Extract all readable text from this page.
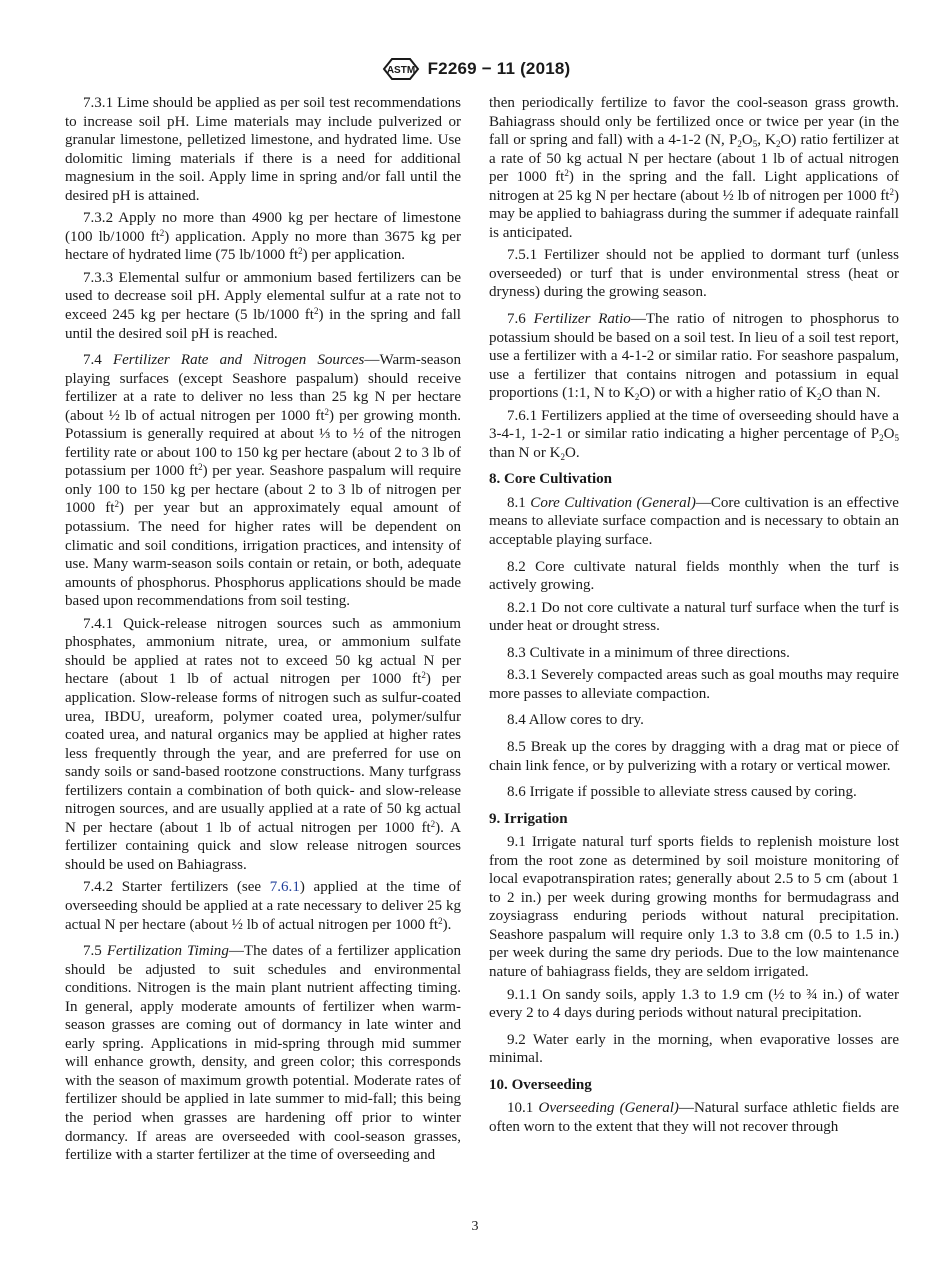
ASTM F2269 − 11 (2018)

7.3.1 Lime should be applied as per soil test recommendations to increase soil pH. Lime materials may include pulverized or granular limestone, pelletized limestone, and hydrated lime. Use dolomitic liming materials if there is a need for additional magnesium in the soil. Apply lime in spring and/or fall until the desired pH is attained.

7.3.2 Apply no more than 4900 kg per hectare of limestone (100 lb/1000 $ft^2$) application. Apply no more than 3675 kg per hectare of hydrated lime (75 lb/1000 $ft^2$) per application.

7.3.3 Elemental sulfur or ammonium based fertilizers can be used to decrease soil pH. Apply elemental sulfur at a rate not to exceed 245 kg per hectare (5 lb/1000 $ft^2$) in the spring and fall until the desired soil pH is reached.

7.4 Fertilizer Rate and Nitrogen Sources—Warm-season playing surfaces (except Seashore paspalum) should receive fertilizer at a rate to deliver no less than 25 kg N per hectare (about ½ lb of actual nitrogen per 1000 $ft^2$) per growing month. Potassium is generally required at about ⅓ to ½ of the nitrogen fertility rate or about 100 to 150 kg per hectare (about 2 to 3 lb of potassium per 1000 $ft^2$) per year. Seashore paspalum will require only 100 to 150 kg per hectare (about 2 to 3 lb of nitrogen per 1000 $ft^2$) per year but an approximately equal amount of potassium. The need for higher rates will be dependent on climatic and soil conditions, irrigation practices, and intensity of use. Many warm-season soils contain or retain, or both, adequate amounts of phosphorus. Phosphorus applications should be made based upon recommendations from soil testing.

7.4.1 Quick-release nitrogen sources such as ammonium phosphates, ammonium nitrate, urea, or ammonium sulfate should be applied at rates not to exceed 50 kg actual N per hectare (about 1 lb of actual nitrogen per 1000 $ft^2$) per application. Slow-release forms of nitrogen such as sulfur-coated urea, IBDU, ureaform, polymer coated urea, polymer/sulfur coated urea, and natural organics may be applied at higher rates less frequently through the year, and are preferred for use on sandy soils or sand-based rootzone constructions. Many turfgrass fertilizers contain a combination of both quick- and slow-release nitrogen sources, and are usually applied at a rate of 50 kg actual N per hectare (about 1 lb of actual nitrogen per 1000 $ft^2$). A fertilizer containing quick and slow release nitrogen sources should be used on Bahiagrass.

7.4.2 Starter fertilizers (see 7.6.1) applied at the time of overseeding should be applied at a rate necessary to deliver 25 kg actual N per hectare (about ½ lb of actual nitrogen per 1000 $ft^2$).

7.5 Fertilization Timing—The dates of a fertilizer application should be adjusted to suit schedules and environmental conditions. Nitrogen is the main plant nutrient affecting timing. In general, apply moderate amounts of fertilizer when warm-season grasses are coming out of dormancy in late winter and early spring. Applications in mid-spring through mid summer will enhance growth, density, and green color; this corresponds with the season of maximum growth potential. Moderate rates of fertilizer should be applied in late summer to mid-fall; this being the period when grasses are hardening off prior to winter dormancy. If areas are overseeded with cool-season grasses, fertilize with a starter fertilizer at the time of overseeding and

then periodically fertilize to favor the cool-season grass growth. Bahiagrass should only be fertilized once or twice per year (in the fall or spring and fall) with a 4-1-2 (N, $P_2O_5$, $K_2O$) ratio fertilizer at a rate of 50 kg actual N per hectare (about 1 lb of actual nitrogen per 1000 $ft^2$) in the spring and the fall. Light applications of nitrogen at 25 kg N per hectare (about ½ lb of nitrogen per 1000 $ft^2$) may be applied to bahiagrass during the summer if adequate rainfall is anticipated.

7.5.1 Fertilizer should not be applied to dormant turf (unless overseeded) or turf that is under environmental stress (heat or dryness) during the growing season.

7.6 Fertilizer Ratio—The ratio of nitrogen to phosphorus to potassium should be based on a soil test. In lieu of a soil test report, use a fertilizer with a 4-1-2 or similar ratio. For seashore paspalum, use a fertilizer that contains nitrogen and potassium in equal proportions (1:1, N to $K_2O$) or with a higher ratio of $K_2O$ than N.

7.6.1 Fertilizers applied at the time of overseeding should have a 3-4-1, 1-2-1 or similar ratio indicating a higher percentage of $P_2O_5$ than N or $K_2O$.

8. Core Cultivation

8.1 Core Cultivation (General)—Core cultivation is an effective means to alleviate surface compaction and is necessary to obtain an acceptable playing surface.

8.2 Core cultivate natural fields monthly when the turf is actively growing.

8.2.1 Do not core cultivate a natural turf surface when the turf is under heat or drought stress.

8.3 Cultivate in a minimum of three directions.

8.3.1 Severely compacted areas such as goal mouths may require more passes to alleviate compaction.

8.4 Allow cores to dry.

8.5 Break up the cores by dragging with a drag mat or piece of chain link fence, or by pulverizing with a rotary or vertical mower.

8.6 Irrigate if possible to alleviate stress caused by coring.

9. Irrigation

9.1 Irrigate natural turf sports fields to replenish moisture lost from the root zone as determined by soil moisture monitoring of local evapotranspiration rates; generally about 2.5 to 5 cm (about 1 to 2 in.) per week during growing months for bermudagrass and zoysiagrass enduring periods without natural precipitation. Seashore paspalum will require only 1.3 to 3.8 cm (0.5 to 1.5 in.) per week during the same dry periods. Due to the low maintenance nature of bahiagrass fields, they are seldom irrigated.

9.1.1 On sandy soils, apply 1.3 to 1.9 cm (½ to ¾ in.) of water every 2 to 4 days during periods without natural precipitation.

9.2 Water early in the morning, when evaporative losses are minimal.

10. Overseeding

10.1 Overseeding (General)—Natural surface athletic fields are often worn to the extent that they will not recover through

3
